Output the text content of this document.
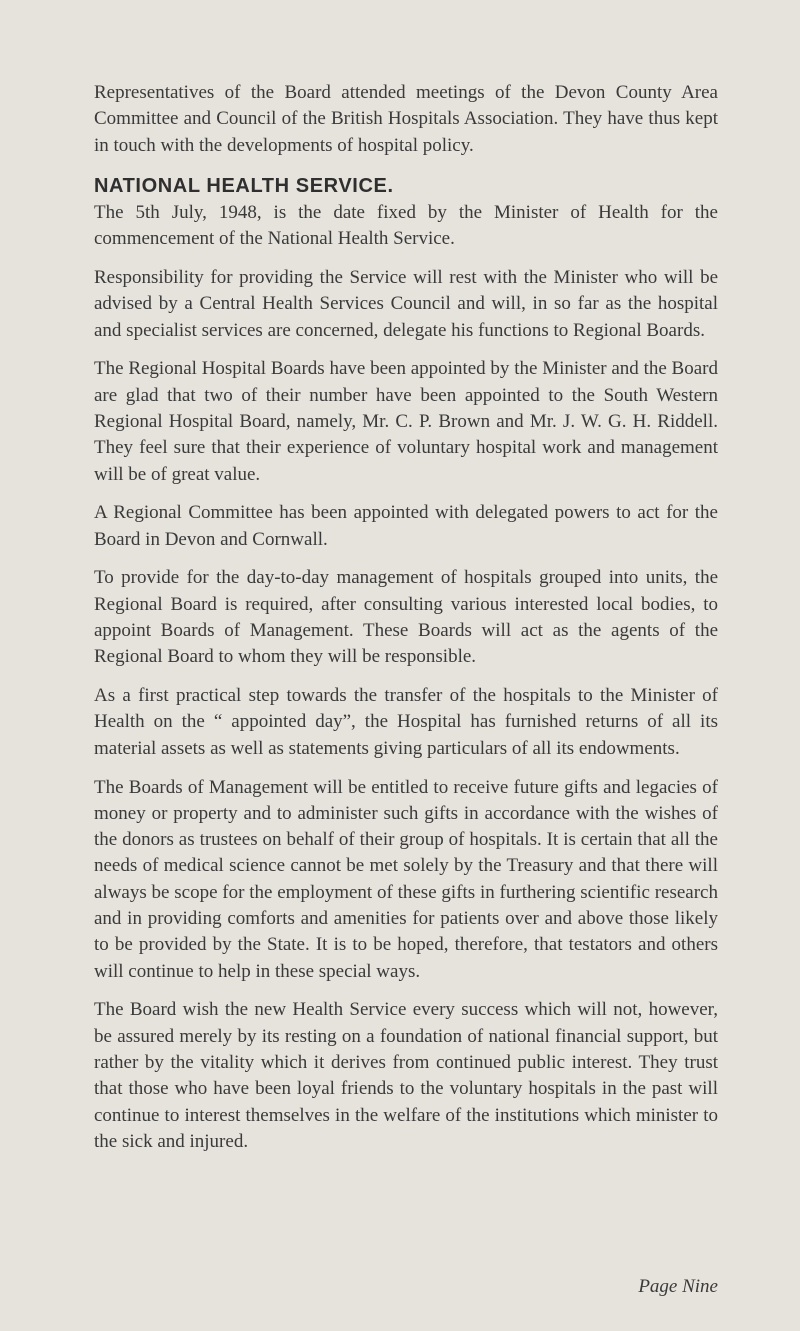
Representatives of the Board attended meetings of the Devon County Area Committee and Council of the British Hospitals Association. They have thus kept in touch with the developments of hospital policy.

NATIONAL HEALTH SERVICE.

The 5th July, 1948, is the date fixed by the Minister of Health for the commencement of the National Health Service.

Responsibility for providing the Service will rest with the Minister who will be advised by a Central Health Services Council and will, in so far as the hospital and specialist services are concerned, delegate his functions to Regional Boards.

The Regional Hospital Boards have been appointed by the Minister and the Board are glad that two of their number have been appointed to the South Western Regional Hospital Board, namely, Mr. C. P. Brown and Mr. J. W. G. H. Riddell. They feel sure that their experience of voluntary hospital work and management will be of great value.

A Regional Committee has been appointed with delegated powers to act for the Board in Devon and Cornwall.

To provide for the day-to-day management of hospitals grouped into units, the Regional Board is required, after consulting various interested local bodies, to appoint Boards of Management. These Boards will act as the agents of the Regional Board to whom they will be responsible.

As a first practical step towards the transfer of the hospitals to the Minister of Health on the “ appointed day”, the Hospital has furnished returns of all its material assets as well as statements giving particulars of all its endowments.

The Boards of Management will be entitled to receive future gifts and legacies of money or property and to administer such gifts in accordance with the wishes of the donors as trustees on behalf of their group of hospitals. It is certain that all the needs of medical science cannot be met solely by the Treasury and that there will always be scope for the employment of these gifts in furthering scientific research and in providing comforts and amenities for patients over and above those likely to be provided by the State. It is to be hoped, therefore, that testators and others will continue to help in these special ways.

The Board wish the new Health Service every success which will not, however, be assured merely by its resting on a foundation of national financial support, but rather by the vitality which it derives from continued public interest. They trust that those who have been loyal friends to the voluntary hospitals in the past will continue to interest themselves in the welfare of the institutions which minister to the sick and injured.

Page Nine
